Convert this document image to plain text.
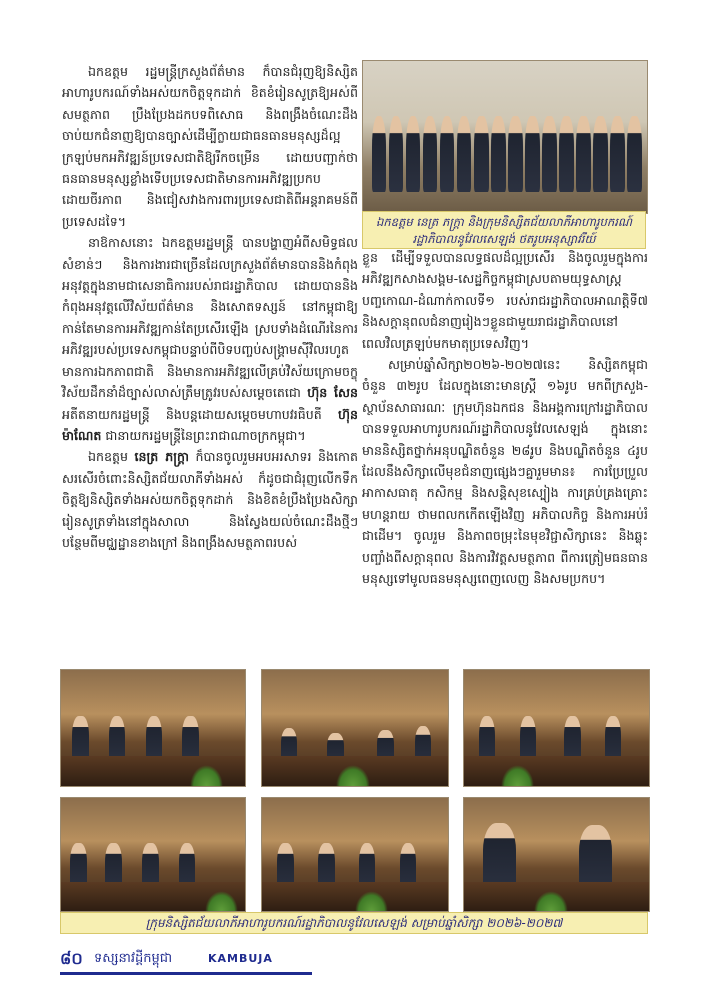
ឯកឧត្តម រដ្ឋមន្ត្រីក្រសួងព័ត៌មាន ក៏បានជំរុញឱ្យនិស្សិតអាហារូបករណ៍ទាំងអស់យកចិត្តទុកដាក់ ខិតខំរៀនសូត្រឱ្យអស់ពីសមត្ថភាព ប្រឹងប្រែងដកបទពិសោធ និងពង្រឹងចំណេះដឹង ចាប់យកជំនាញឱ្យបានច្បាស់ដើម្បីក្លាយជាធនធានមនុស្សដ៏ល្អក្រឡប់មកអភិវឌ្ឍន៍ប្រទេសជាតិឱ្យរីកចម្រើន ដោយបញ្ជាក់ថា ធនធានមនុស្សខ្លាំងទើបប្រទេសជាតិមានការអភិវឌ្ឍប្រកបដោយចីរភាព និងជៀសវាងការពារប្រទេសជាតិពីអន្តរាគមន៍ពីប្រទេសដទៃ។

នាឱកាសនោះ ឯកឧត្តមរដ្ឋមន្ត្រី បានបង្ហាញអំពីសមិទ្ធផលសំខាន់ៗ និងការងារជាច្រើនដែលក្រសួងព័ត៌មានបាននិងកំពុងអនុវត្តក្នុងនាមជាសេនាធិការរបស់រាជរដ្ឋាភិបាល ដោយបាននិងកំពុងអនុវត្តលើវិស័យព័ត៌មាន និងសោតទស្សន៍ នៅកម្ពុជាឱ្យកាន់តែមានការអភិវឌ្ឍកាន់តែប្រសើរឡើង ស្របទាំងដំណើរនៃការអភិវឌ្ឍរបស់ប្រទេសកម្ពុជាបន្ទាប់ពីបិទបញ្ចប់សង្គ្រាមស៊ីវិលរហូតមានការឯកភាពជាតិ និងមានការអភិវឌ្ឍលើគ្រប់វិស័យក្រោមចក្ខុវិស័យដឹកនាំដ៏ច្បាស់លាស់ត្រឹមត្រូវរបស់សម្តេចតេជោ ហ៊ុន សែន អតីតនាយករដ្ឋមន្ត្រី និងបន្តដោយសម្តេចមហាបវរធិបតី ហ៊ុន ម៉ាណែត ជានាយករដ្ឋមន្ត្រីនៃព្រះរាជាណាចក្រកម្ពុជា។

ឯកឧត្តម នេត្រ ភក្ត្រា ក៏បានចូលរួមអបអរសាទរ និងកោតសរសើរចំពោះនិស្សិតជ័យលាភីទាំងអស់ ក៏ដូចជាជំរុញលើកទឹកចិត្តឱ្យនិស្សិតទាំងអស់យកចិត្តទុកដាក់ និងខិតខំប្រឹងប្រែងសិក្សារៀនសូត្រទាំងនៅក្នុងសាលា និងស្វែងយល់ចំណេះដឹងថ្មីៗបន្ថែមពីមជ្ឈដ្ឋានខាងក្រៅ និងពង្រឹងសមត្ថភាពរបស់

ឯកឧត្តម នេត្រ ភក្ត្រា និងក្រុមនិស្សិតជ័យលាភីអាហារូបករណ៍រដ្ឋាភិបាលនូវែលសេឡង់ ថតរូបអនុស្សាវរីយ៍

ខ្លួន ដើម្បីទទួលបានលទ្ធផលដ៏ល្អប្រសើរ និងចូលរួមក្នុងការអភិវឌ្ឍកសាងសង្គម-សេដ្ឋកិច្ចកម្ពុជាស្របតាមយុទ្ធសាស្ត្របញ្ចកោណ-ដំណាក់កាលទី១ របស់រាជរដ្ឋាភិបាលអាណត្តិទី៧ និងសក្តានុពលជំនាញរៀងៗខ្លួនជាមួយរាជរដ្ឋាភិបាលនៅពេលវិលត្រឡប់មកមាតុប្រទេសវិញ។

សម្រាប់ឆ្នាំសិក្សា២០២៦-២០២៧នេះ និស្សិតកម្ពុជាចំនួន ៣២រូប ដែលក្នុងនោះមានស្ត្រី ១៦រូប មកពីក្រសួង-ស្ថាប័នសាធារណៈ ក្រុមហ៊ុនឯកជន និងអង្គការក្រៅរដ្ឋាភិបាល បានទទួលអាហារូបករណ៍រដ្ឋាភិបាលនូវែលសេឡង់ ក្នុងនោះមាននិស្សិតថ្នាក់អនុបណ្ឌិតចំនួន ២៨រូប និងបណ្ឌិតចំនួន ៤រូប ដែលនឹងសិក្សាលើមុខជំនាញផ្សេងៗគ្នារួមមាន៖ ការប្រែប្រួលអាកាសធាតុ កសិកម្ម និងសន្តិសុខស្បៀង ការគ្រប់គ្រងគ្រោះមហន្តរាយ ថាមពលកកើតឡើងវិញ អភិបាលកិច្ច និងការអប់រំជាដើម។ ចូលរួម និងភាពចម្រុះនៃមុខវិជ្ជាសិក្សានេះ និងឆ្លុះបញ្ចាំងពីសក្តានុពល និងការវិវត្តសមត្ថភាព ពីការត្រៀមធនធានមនុស្សទៅមូលធនមនុស្សពេញលេញ និងសមប្រកប។

ក្រុមនិស្សិតជ័យលាភីអាហារូបករណ៍រដ្ឋាភិបាលនូវែលសេឡង់ សម្រាប់ឆ្នាំសិក្សា ២០២៦-២០២៧
៨០ ទស្សនាវដ្តីកម្ពុជា	KAMBUJA
